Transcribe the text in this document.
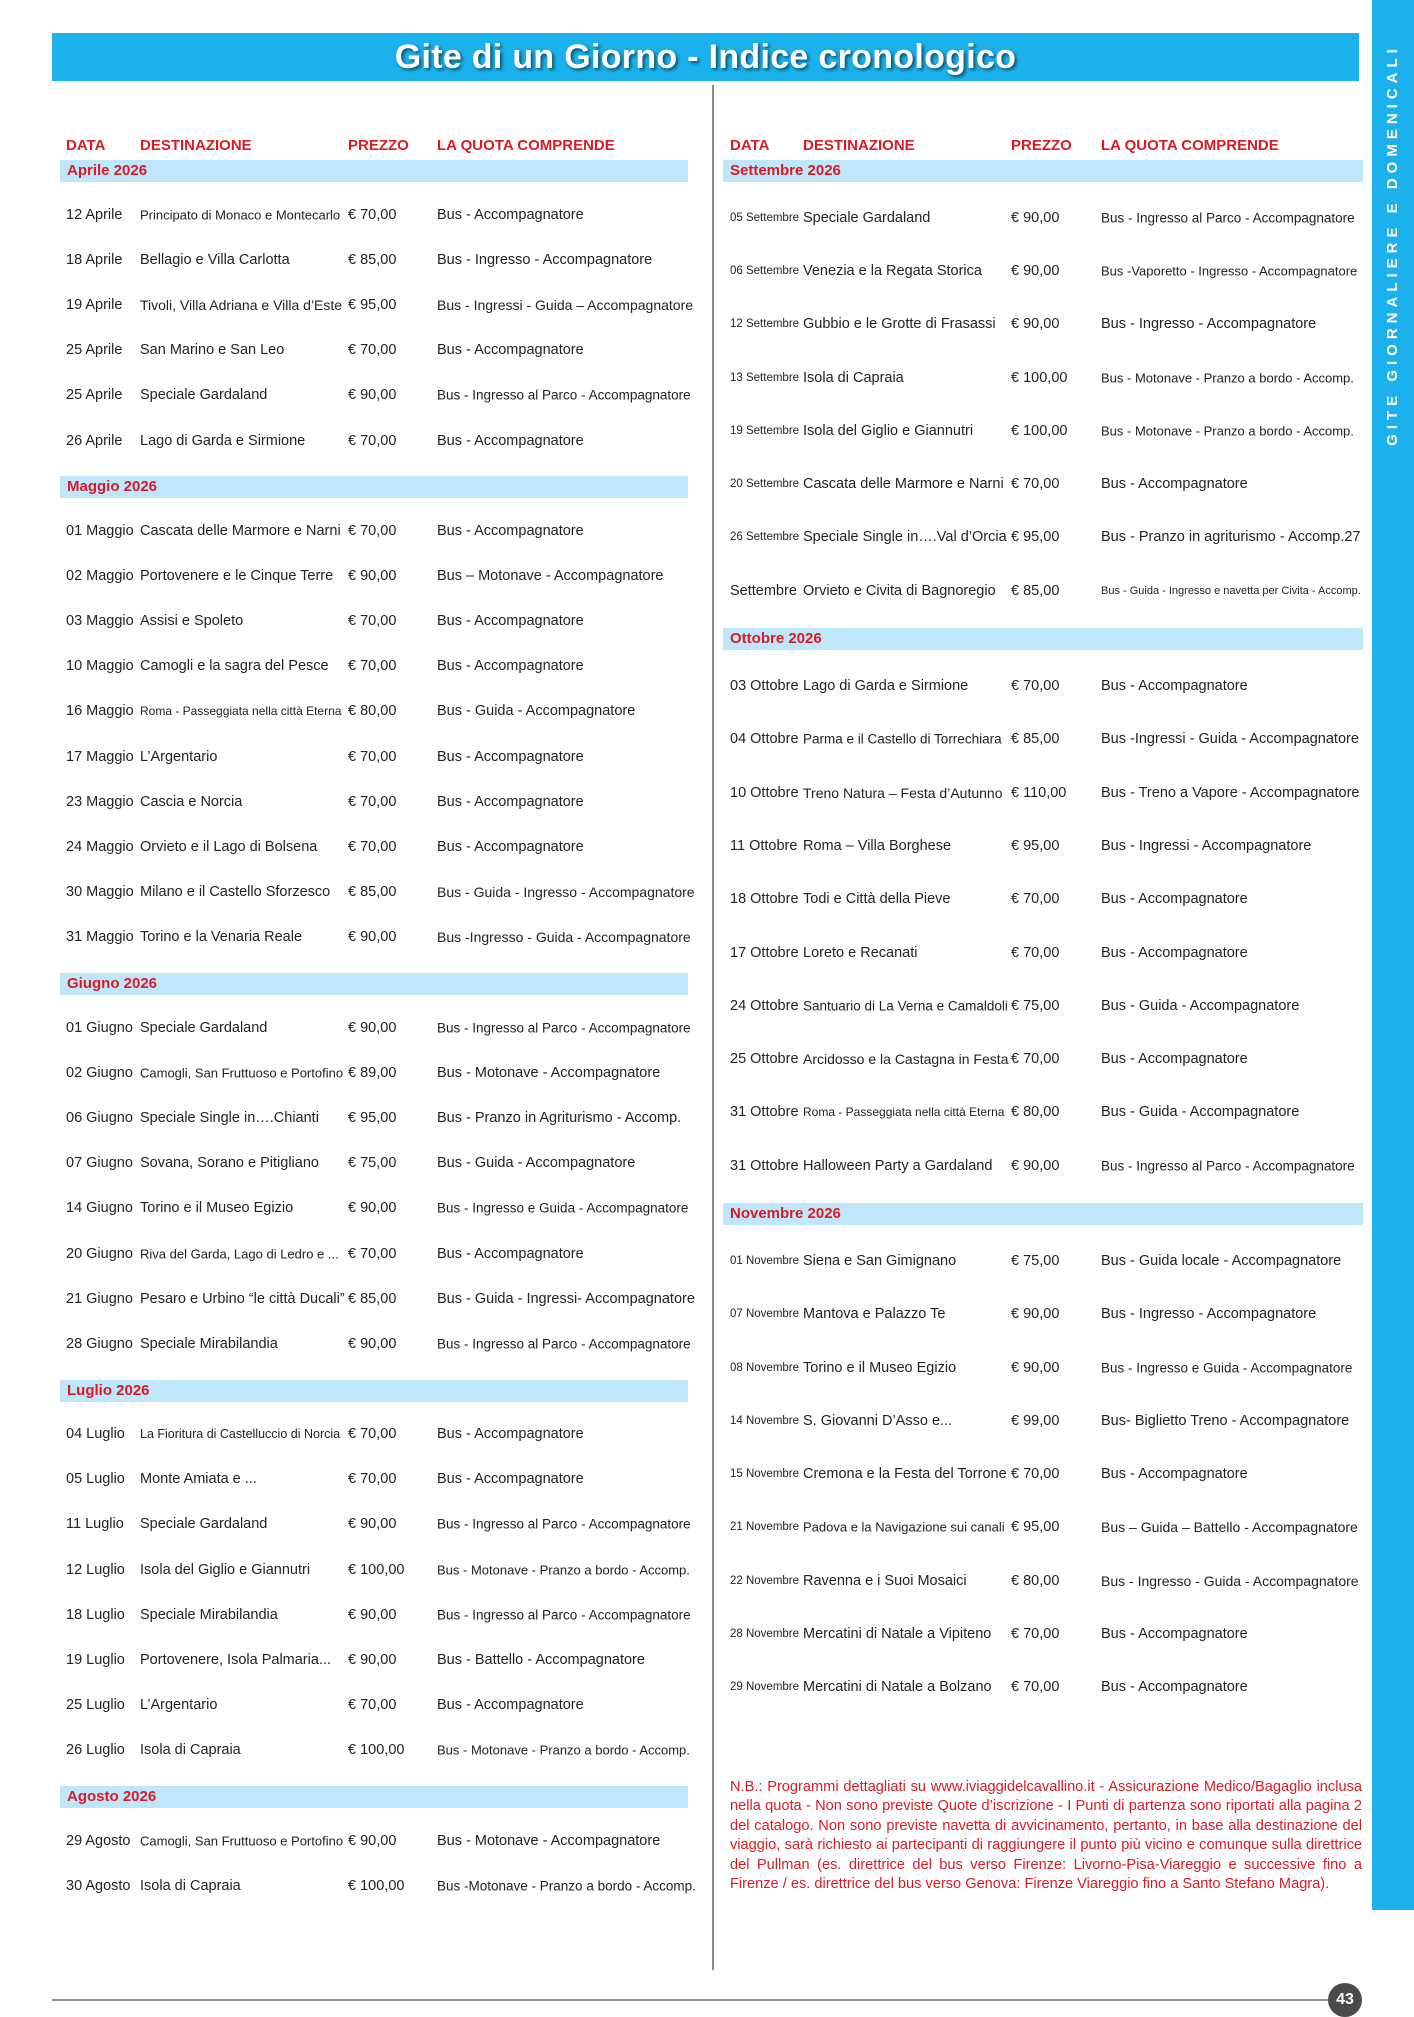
Gite di un Giorno - Indice cronologico	GITE GIORNALIERE E DOMENICALI
DATA DESTINAZIONE	PREZZO LA QUOTA COMPRENDE
Aprile 2026
12 Aprile Principato di Monaco e Montecarlo € 70,00	Bus - Accompagnatore
18 Aprile Bellagio e Villa Carlotta	€ 85,00	Bus - Ingresso - Accompagnatore
19 Aprile Tivoli, Villa Adriana e Villa d’Este € 95,00	Bus - Ingressi - Guida – Accompagnatore
25 Aprile San Marino e San Leo	€ 70,00	Bus - Accompagnatore
25 Aprile Speciale Gardaland	€ 90,00	Bus - Ingresso al Parco - Accompagnatore
26 Aprile Lago di Garda e Sirmione	€ 70,00	Bus - Accompagnatore
Maggio 2026
01 Maggio Cascata delle Marmore e Narni € 70,00	Bus - Accompagnatore
02 Maggio Portovenere e le Cinque Terre € 90,00	Bus – Motonave - Accompagnatore
03 Maggio Assisi e Spoleto	€ 70,00	Bus - Accompagnatore
10 Maggio Camogli e la sagra del Pesce € 70,00	Bus - Accompagnatore
16 Maggio Roma - Passeggiata nella città Eterna € 80,00	Bus - Guida - Accompagnatore
17 Maggio L’Argentario	€ 70,00	Bus - Accompagnatore
23 Maggio Cascia e Norcia	€ 70,00	Bus - Accompagnatore
24 Maggio Orvieto e il Lago di Bolsena € 70,00	Bus - Accompagnatore
30 Maggio Milano e il Castello Sforzesco € 85,00	Bus - Guida - Ingresso - Accompagnatore
31 Maggio Torino e la Venaria Reale	€ 90,00	Bus -Ingresso - Guida - Accompagnatore
Giugno 2026
01 Giugno Speciale Gardaland	€ 90,00	Bus - Ingresso al Parco - Accompagnatore
02 Giugno Camogli, San Fruttuoso e Portofino € 89,00	Bus - Motonave - Accompagnatore
06 Giugno Speciale Single in….Chianti € 95,00	Bus - Pranzo in Agriturismo - Accomp.
07 Giugno Sovana, Sorano e Pitigliano € 75,00	Bus - Guida - Accompagnatore
14 Giugno Torino e il Museo Egizio	€ 90,00	Bus - Ingresso e Guida - Accompagnatore
20 Giugno Riva del Garda, Lago di Ledro e ... € 70,00	Bus - Accompagnatore
21 Giugno Pesaro e Urbino “le città Ducali” € 85,00	Bus - Guida - Ingressi- Accompagnatore
28 Giugno Speciale Mirabilandia	€ 90,00	Bus - Ingresso al Parco - Accompagnatore
Luglio 2026
04 Luglio La Fioritura di Castelluccio di Norcia € 70,00	Bus - Accompagnatore
05 Luglio Monte Amiata e ...	€ 70,00	Bus - Accompagnatore
11 Luglio Speciale Gardaland	€ 90,00	Bus - Ingresso al Parco - Accompagnatore
12 Luglio Isola del Giglio e Giannutri	€ 100,00	Bus - Motonave - Pranzo a bordo - Accomp.
18 Luglio Speciale Mirabilandia	€ 90,00	Bus - Ingresso al Parco - Accompagnatore
19 Luglio Portovenere, Isola Palmaria... € 90,00	Bus - Battello - Accompagnatore
25 Luglio L’Argentario	€ 70,00	Bus - Accompagnatore
26 Luglio Isola di Capraia	€ 100,00	Bus - Motonave - Pranzo a bordo - Accomp.
Agosto 2026
29 Agosto Camogli, San Fruttuoso e Portofino € 90,00	Bus - Motonave - Accompagnatore
30 Agosto Isola di Capraia	€ 100,00 Bus -Motonave - Pranzo a bordo - Accomp.
DATA DESTINAZIONE	PREZZO LA QUOTA COMPRENDE
Settembre 2026
05 Settembre Speciale Gardaland	€ 90,00	Bus - Ingresso al Parco - Accompagnatore
06 Settembre Venezia e la Regata Storica € 90,00	Bus -Vaporetto - Ingresso - Accompagnatore
12 Settembre Gubbio e le Grotte di Frasassi € 90,00	Bus - Ingresso - Accompagnatore
13 Settembre Isola di Capraia	€ 100,00	Bus - Motonave - Pranzo a bordo - Accomp.
19 Settembre Isola del Giglio e Giannutri	€ 100,00	Bus - Motonave - Pranzo a bordo - Accomp.
20 Settembre Cascata delle Marmore e Narni € 70,00	Bus - Accompagnatore
26 Settembre Speciale Single in….Val d’Orcia € 95,00	Bus - Pranzo in agriturismo - Accomp.27
Settembre Orvieto e Civita di Bagnoregio € 85,00	Bus - Guida - Ingresso e navetta per Civita - Accomp.
Ottobre 2026
03 Ottobre Lago di Garda e Sirmione	€ 70,00	Bus - Accompagnatore
04 Ottobre Parma e il Castello di Torrechiara € 85,00	Bus -Ingressi - Guida - Accompagnatore
10 Ottobre Treno Natura – Festa d’Autunno € 110,00 Bus - Treno a Vapore - Accompagnatore
11 Ottobre Roma – Villa Borghese	€ 95,00	Bus - Ingressi - Accompagnatore
18 Ottobre Todi e Città della Pieve	€ 70,00	Bus - Accompagnatore
17 Ottobre Loreto e Recanati	€ 70,00	Bus - Accompagnatore
24 Ottobre Santuario di La Verna e Camaldoli € 75,00	Bus - Guida - Accompagnatore
25 Ottobre Arcidosso e la Castagna in Festa € 70,00	Bus - Accompagnatore
31 Ottobre Roma - Passeggiata nella città Eterna € 80,00	Bus - Guida - Accompagnatore
31 Ottobre Halloween Party a Gardaland € 90,00	Bus - Ingresso al Parco - Accompagnatore
Novembre 2026
01 Novembre Siena e San Gimignano	€ 75,00	Bus - Guida locale - Accompagnatore
07 Novembre Mantova e Palazzo Te	€ 90,00	Bus - Ingresso - Accompagnatore
08 Novembre Torino e il Museo Egizio	€ 90,00	Bus - Ingresso e Guida - Accompagnatore
14 Novembre S. Giovanni D’Asso e...	€ 99,00	Bus- Biglietto Treno - Accompagnatore
15 Novembre Cremona e la Festa del Torrone € 70,00	Bus - Accompagnatore
21 Novembre Padova e la Navigazione sui canali € 95,00	Bus – Guida – Battello - Accompagnatore
22 Novembre Ravenna e i Suoi Mosaici	€ 80,00	Bus - Ingresso - Guida - Accompagnatore
28 Novembre Mercatini di Natale a Vipiteno € 70,00	Bus - Accompagnatore
29 Novembre Mercatini di Natale a Bolzano € 70,00	Bus - Accompagnatore
N.B.: Programmi dettagliati su www.iviaggidelcavallino.it - Assicurazione Medico/Bagaglio inclusa nella quota - Non sono previste Quote d’iscrizione - I Punti di partenza sono riportati alla pagina 2 del catalogo. Non sono previste navetta di avvicinamento, pertanto, in base alla destinazione del viaggio, sarà richiesto ai partecipanti di raggiungere il punto più vicino e comunque sulla direttrice del Pullman (es. direttrice del bus verso Firenze: Livorno-Pisa-Viareggio e successive fino a Firenze / es. direttrice del bus verso Genova: Firenze Viareggio fino a Santo Stefano Magra).
43
